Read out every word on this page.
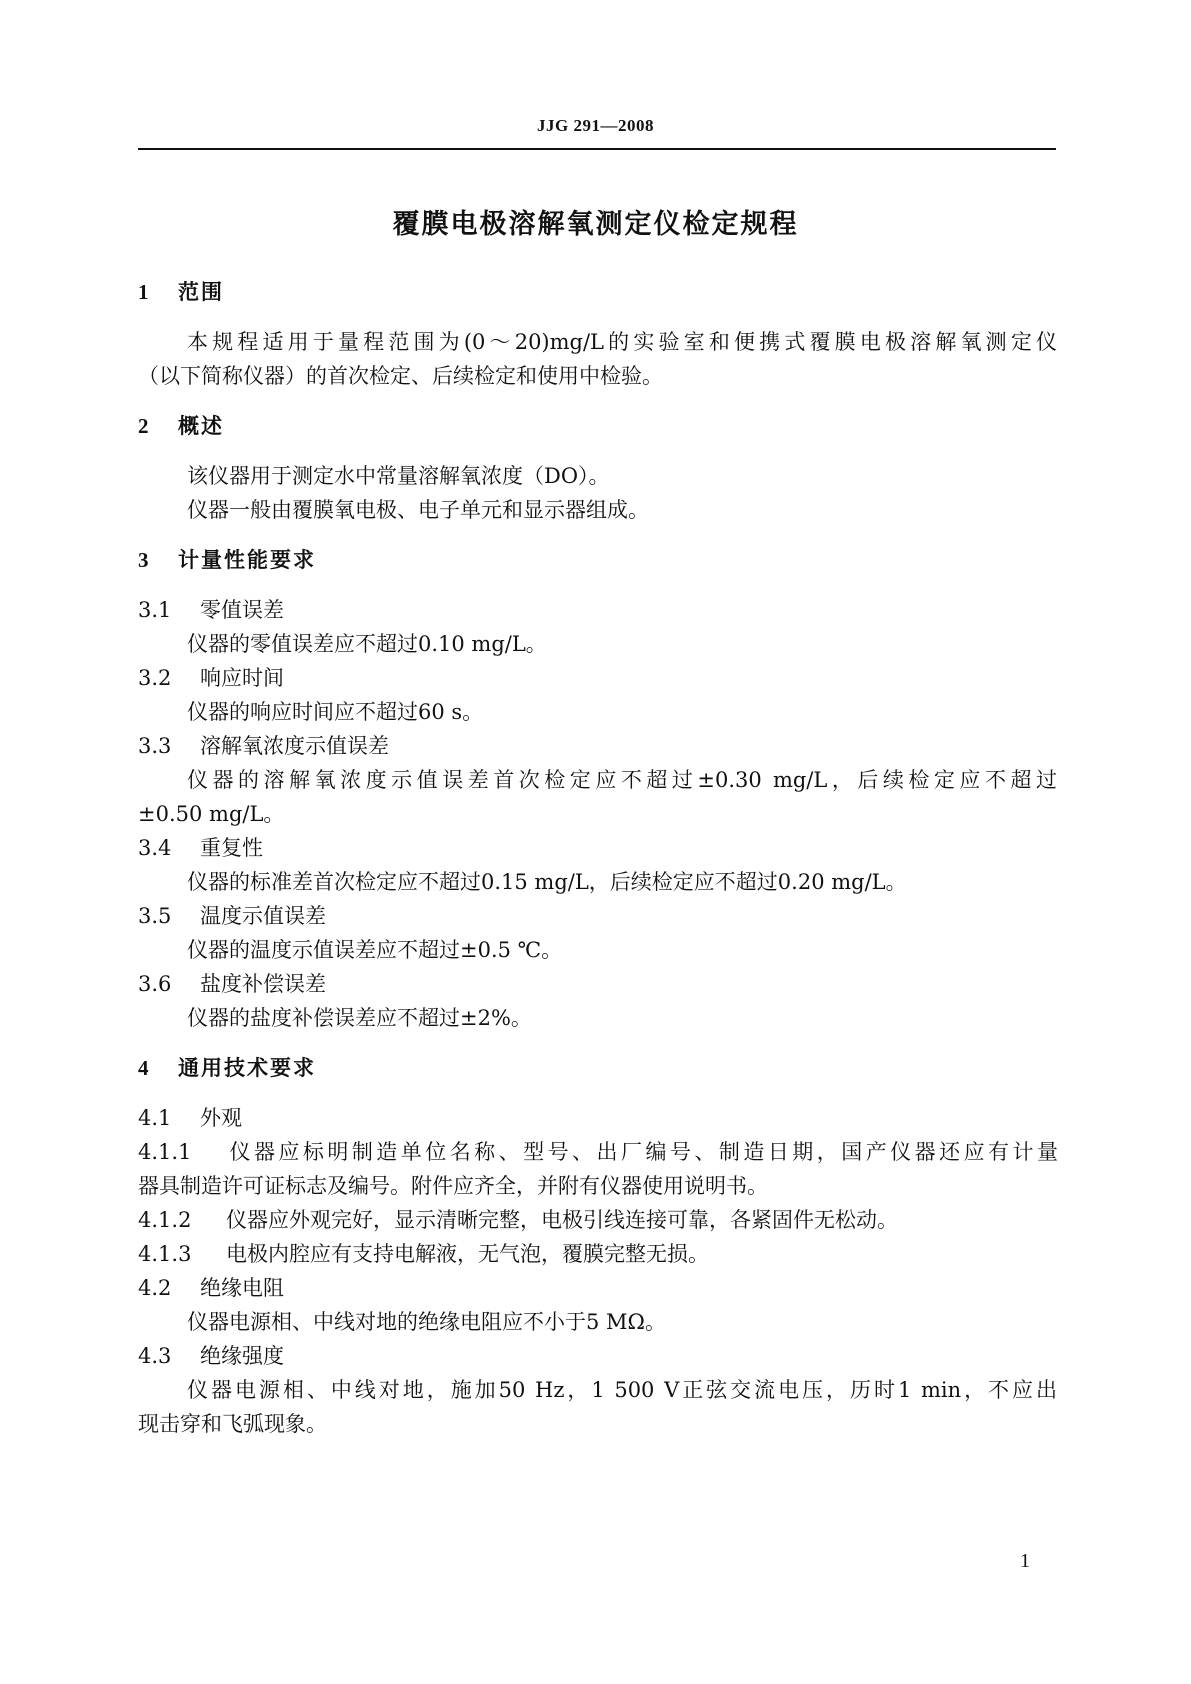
JJG 291—2008
覆膜电极溶解氧测定仪检定规程
1 范围
本规程适用于量程范围为(0～20)mg/L的实验室和便携式覆膜电极溶解氧测定仪
（以下简称仪器）的首次检定、后续检定和使用中检验。
2 概述
该仪器用于测定水中常量溶解氧浓度（DO）。
仪器一般由覆膜氧电极、电子单元和显示器组成。
3 计量性能要求
3.1 零值误差
仪器的零值误差应不超过0.10 mg/L。
3.2 响应时间
仪器的响应时间应不超过60 s。
3.3 溶解氧浓度示值误差
仪器的溶解氧浓度示值误差首次检定应不超过±0.30 mg/L，后续检定应不超过
±0.50 mg/L。
3.4 重复性
仪器的标准差首次检定应不超过0.15 mg/L，后续检定应不超过0.20 mg/L。
3.5 温度示值误差
仪器的温度示值误差应不超过±0.5 ℃。
3.6 盐度补偿误差
仪器的盐度补偿误差应不超过±2%。
4 通用技术要求
4.1 外观
4.1.1 仪器应标明制造单位名称、型号、出厂编号、制造日期，国产仪器还应有计量
器具制造许可证标志及编号。附件应齐全，并附有仪器使用说明书。
4.1.2 仪器应外观完好，显示清晰完整，电极引线连接可靠，各紧固件无松动。
4.1.3 电极内腔应有支持电解液，无气泡，覆膜完整无损。
4.2 绝缘电阻
仪器电源相、中线对地的绝缘电阻应不小于5 MΩ。
4.3 绝缘强度
仪器电源相、中线对地，施加50 Hz，1 500 V正弦交流电压，历时1 min，不应出
现击穿和飞弧现象。
1
